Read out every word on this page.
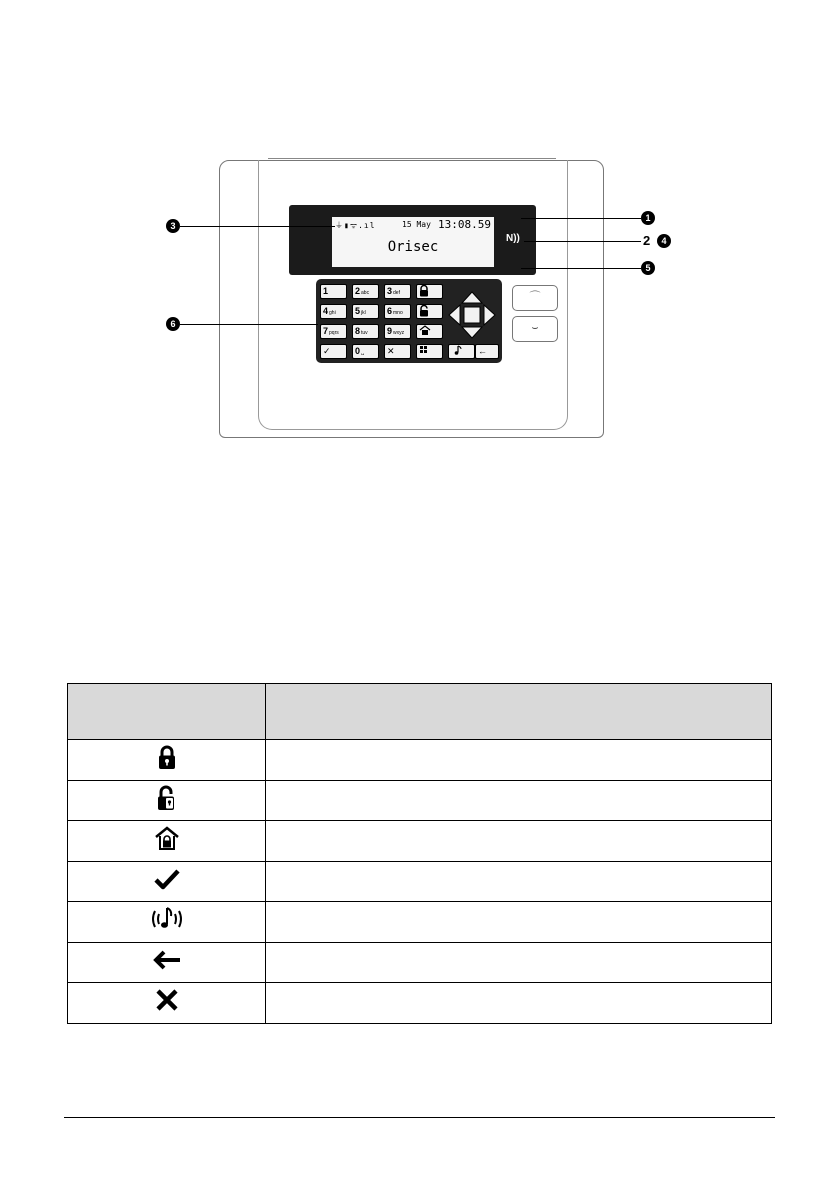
⏚▮ᯤ.ıl	15 May 13:08.59
Orisec
N))
1	2abc	3def
4ghi	5jkl	6mno
7pqrs	8tuv	9wxyz
✓	0␣	✕	←
⌒
⌣
1
2	4
3
5
6
